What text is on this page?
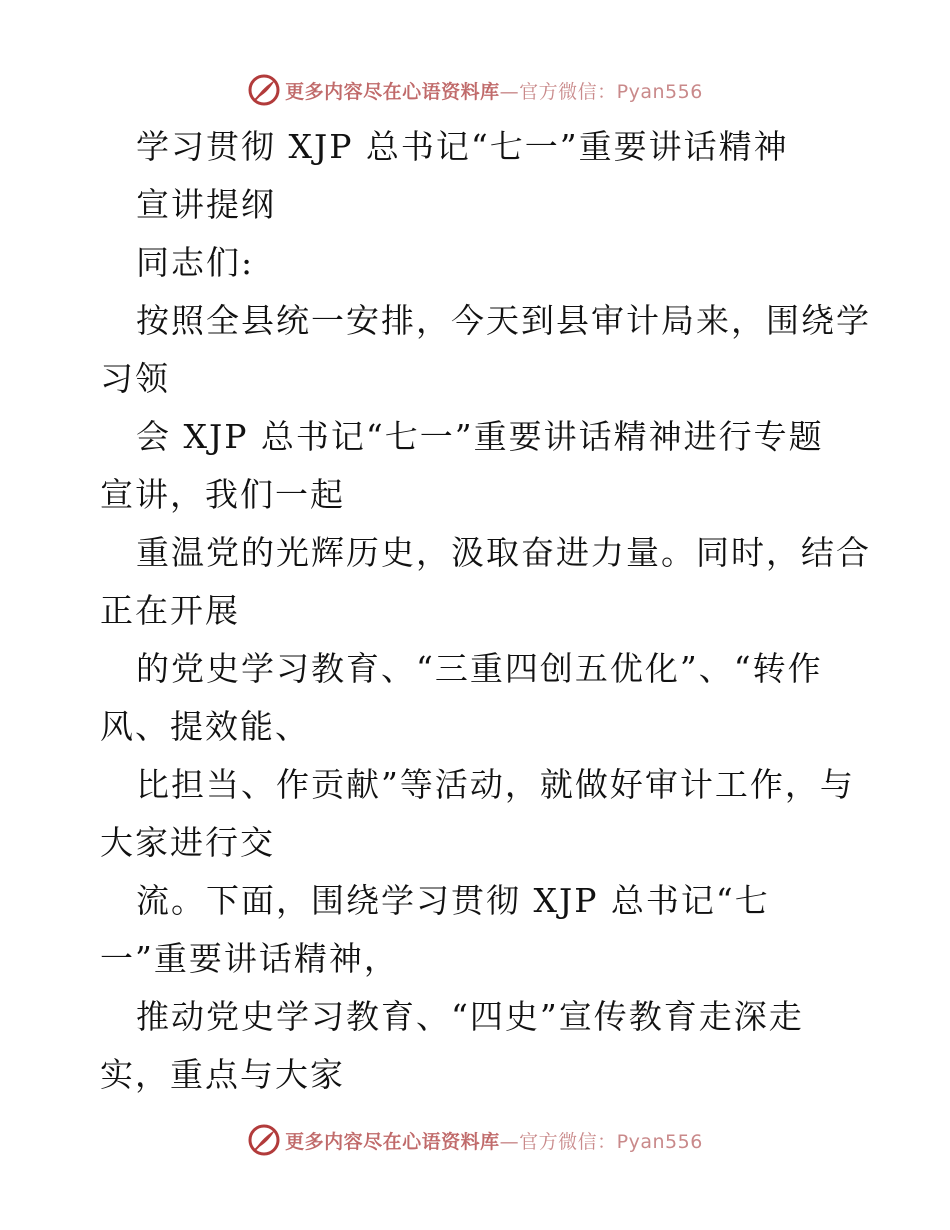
更多内容尽在心语资料库—官方微信：Pyan556
学习贯彻 XJP 总书记“七一”重要讲话精神
宣讲提纲
同志们:
按照全县统一安排，今天到县审计局来，围绕学
习领
会 XJP 总书记“七一”重要讲话精神进行专题
宣讲，我们一起
重温党的光辉历史，汲取奋进力量。同时，结合
正在开展
的党史学习教育、“三重四创五优化”、“转作
风、提效能、
比担当、作贡献”等活动，就做好审计工作，与
大家进行交
流。下面，围绕学习贯彻 XJP 总书记“七
一”重要讲话精神，
推动党史学习教育、“四史”宣传教育走深走
实，重点与大家
更多内容尽在心语资料库—官方微信：Pyan556
